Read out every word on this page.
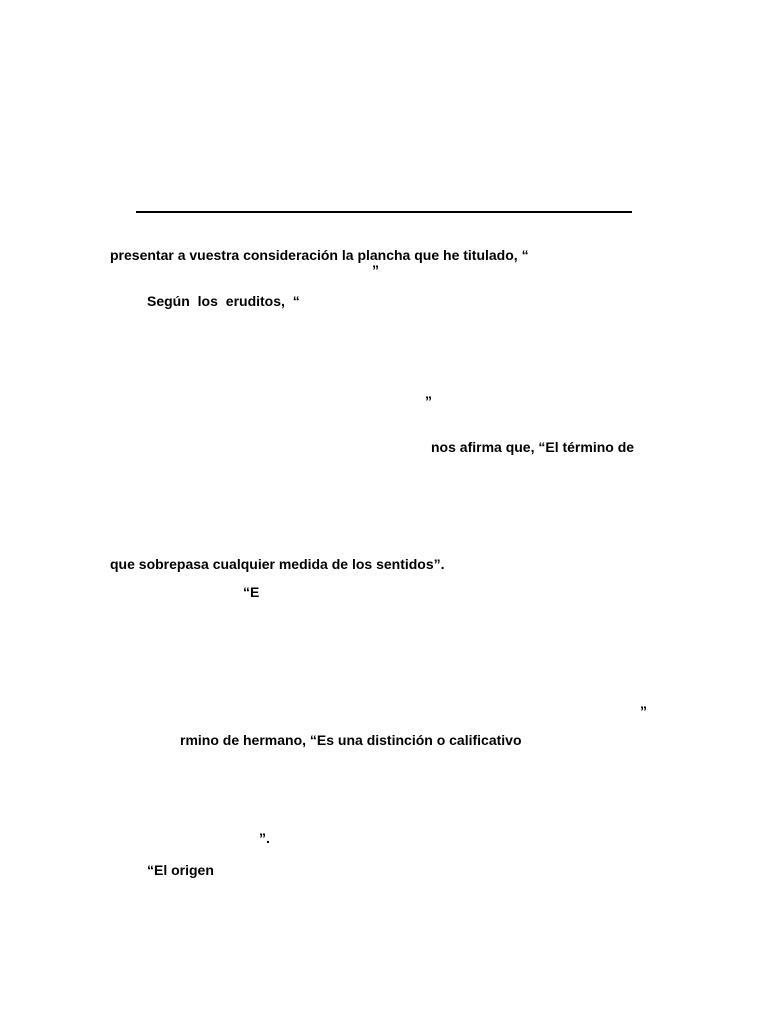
presentar a vuestra consideración la plancha que he titulado, “
”
Según los eruditos, “
”
nos afirma que, “El término de
que sobrepasa cualquier medida de los sentidos”.
“E
”
rmino de hermano, “Es una distinción o calificativo
”.
“El origen
